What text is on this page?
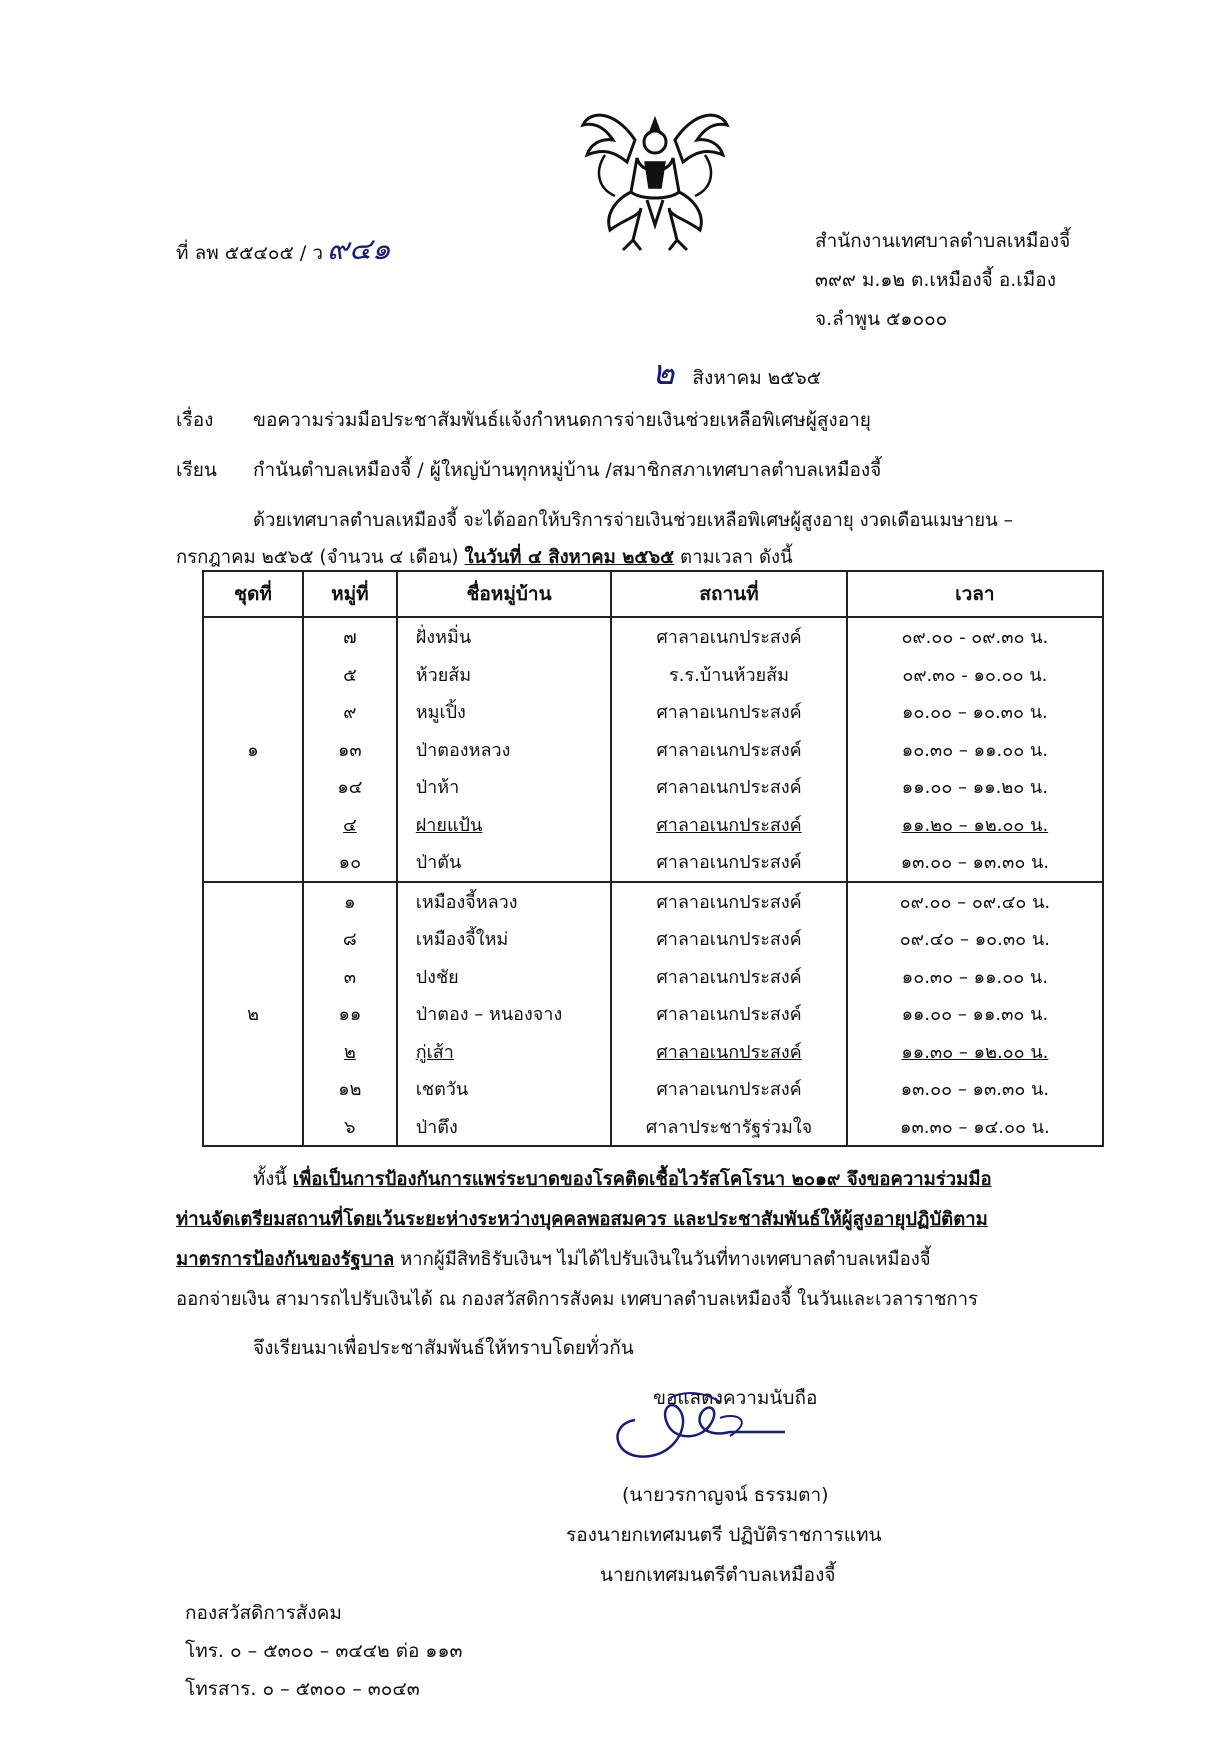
ที่ ลพ ๕๕๔๐๕ / ว ๙๔๑	สำนักงานเทศบาลตำบลเหมืองจี้
๓๙๙ ม.๑๒ ต.เหมืองจี้ อ.เมือง
จ.ลำพูน ๕๑๐๐๐
๒ สิงหาคม ๒๕๖๕
เรื่อง ขอความร่วมมือประชาสัมพันธ์แจ้งกำหนดการจ่ายเงินช่วยเหลือพิเศษผู้สูงอายุ
เรียน กำนันตำบลเหมืองจี้ / ผู้ใหญ่บ้านทุกหมู่บ้าน /สมาชิกสภาเทศบาลตำบลเหมืองจี้
ด้วยเทศบาลตำบลเหมืองจี้ จะได้ออกให้บริการจ่ายเงินช่วยเหลือพิเศษผู้สูงอายุ งวดเดือนเมษายน –
กรกฎาคม ๒๕๖๕ (จำนวน ๔ เดือน) ในวันที่ ๔ สิงหาคม ๒๕๖๕ ตามเวลา ดังนี้
ชุดที่	หมู่ที่	ชื่อหมู่บ้าน	สถานที่	เวลา
๑	๗	ฝั่งหมิ่น	ศาลาอเนกประสงค์	๐๙.๐๐ - ๐๙.๓๐ น.
	๕	ห้วยส้ม	ร.ร.บ้านห้วยส้ม	๐๙.๓๐ - ๑๐.๐๐ น.
	๙	หมูเปิ้ง	ศาลาอเนกประสงค์	๑๐.๐๐ – ๑๐.๓๐ น.
	๑๓	ป่าตองหลวง	ศาลาอเนกประสงค์	๑๐.๓๐ – ๑๑.๐๐ น.
	๑๔	ป่าห้า	ศาลาอเนกประสงค์	๑๑.๐๐ – ๑๑.๒๐ น.
	๔	ฝายแป้น	ศาลาอเนกประสงค์	๑๑.๒๐ – ๑๒.๐๐ น.
	๑๐	ป่าตัน	ศาลาอเนกประสงค์	๑๓.๐๐ – ๑๓.๓๐ น.
๒	๑	เหมืองจี้หลวง	ศาลาอเนกประสงค์	๐๙.๐๐ – ๐๙.๔๐ น.
	๘	เหมืองจี้ใหม่	ศาลาอเนกประสงค์	๐๙.๔๐ – ๑๐.๓๐ น.
	๓	ปงชัย	ศาลาอเนกประสงค์	๑๐.๓๐ – ๑๑.๐๐ น.
	๑๑	ป่าตอง – หนองจาง	ศาลาอเนกประสงค์	๑๑.๐๐ – ๑๑.๓๐ น.
	๒	กู่เส้า	ศาลาอเนกประสงค์	๑๑.๓๐ – ๑๒.๐๐ น.
	๑๒	เชตวัน	ศาลาอเนกประสงค์	๑๓.๐๐ – ๑๓.๓๐ น.
	๖	ป่าตึง	ศาลาประชารัฐร่วมใจ	๑๓.๓๐ – ๑๔.๐๐ น.
ทั้งนี้ เพื่อเป็นการป้องกันการแพร่ระบาดของโรคติดเชื้อไวรัสโคโรนา ๒๐๑๙ จึงขอความร่วมมือ
ท่านจัดเตรียมสถานที่โดยเว้นระยะห่างระหว่างบุคคลพอสมควร และประชาสัมพันธ์ให้ผู้สูงอายุปฏิบัติตาม
มาตรการป้องกันของรัฐบาล หากผู้มีสิทธิรับเงินฯ ไม่ได้ไปรับเงินในวันที่ทางเทศบาลตำบลเหมืองจี้
ออกจ่ายเงิน สามารถไปรับเงินได้ ณ กองสวัสดิการสังคม เทศบาลตำบลเหมืองจี้ ในวันและเวลาราชการ
จึงเรียนมาเพื่อประชาสัมพันธ์ให้ทราบโดยทั่วกัน
ขอแสดงความนับถือ
(นายวรกาญจน์ ธรรมตา)
รองนายกเทศมนตรี ปฏิบัติราชการแทน
นายกเทศมนตรีตำบลเหมืองจี้
กองสวัสดิการสังคม
โทร. ๐ – ๕๓๐๐ – ๓๔๔๒ ต่อ ๑๑๓
โทรสาร. ๐ – ๕๓๐๐ – ๓๐๔๓
